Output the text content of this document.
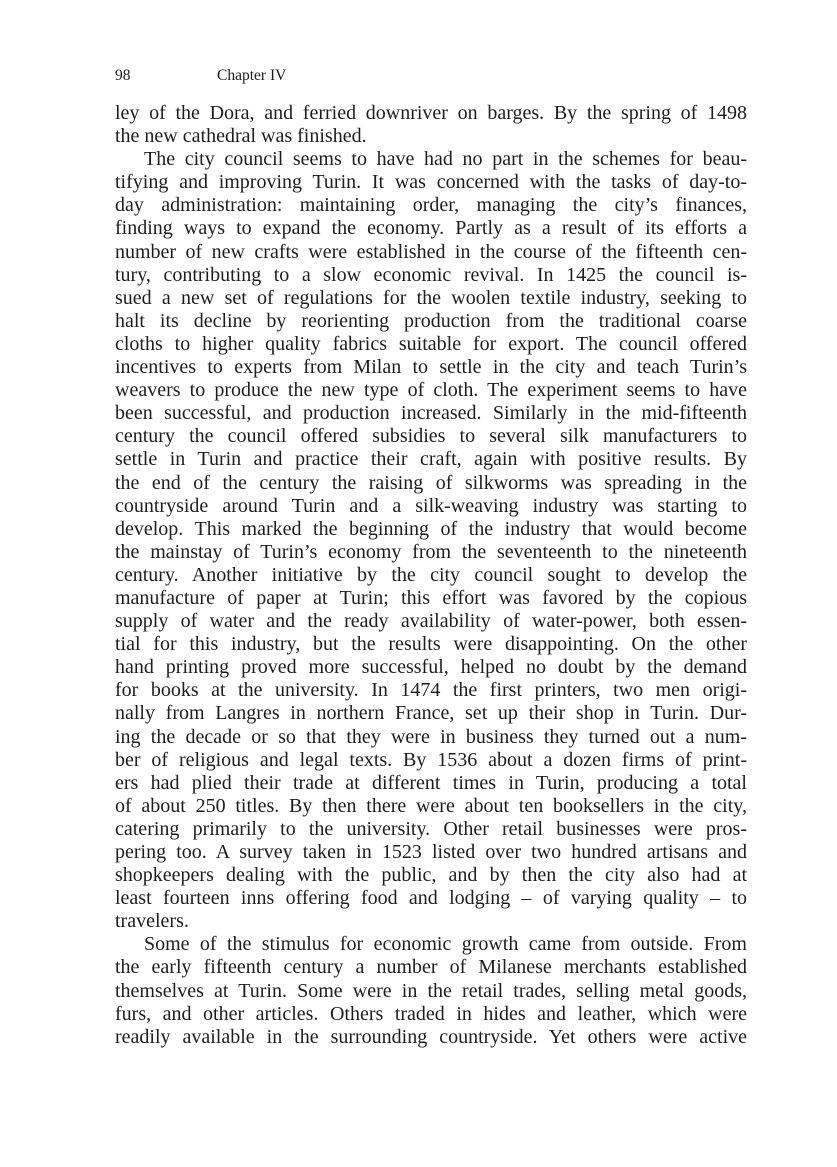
98	Chapter IV
ley of the Dora, and ferried downriver on barges. By the spring of 1498
the new cathedral was finished.
The city council seems to have had no part in the schemes for beau-
tifying and improving Turin. It was concerned with the tasks of day-to-
day administration: maintaining order, managing the city’s finances,
finding ways to expand the economy. Partly as a result of its efforts a
number of new crafts were established in the course of the fifteenth cen-
tury, contributing to a slow economic revival. In 1425 the council is-
sued a new set of regulations for the woolen textile industry, seeking to
halt its decline by reorienting production from the traditional coarse
cloths to higher quality fabrics suitable for export. The council offered
incentives to experts from Milan to settle in the city and teach Turin’s
weavers to produce the new type of cloth. The experiment seems to have
been successful, and production increased. Similarly in the mid-fifteenth
century the council offered subsidies to several silk manufacturers to
settle in Turin and practice their craft, again with positive results. By
the end of the century the raising of silkworms was spreading in the
countryside around Turin and a silk-weaving industry was starting to
develop. This marked the beginning of the industry that would become
the mainstay of Turin’s economy from the seventeenth to the nineteenth
century. Another initiative by the city council sought to develop the
manufacture of paper at Turin; this effort was favored by the copious
supply of water and the ready availability of water-power, both essen-
tial for this industry, but the results were disappointing. On the other
hand printing proved more successful, helped no doubt by the demand
for books at the university. In 1474 the first printers, two men origi-
nally from Langres in northern France, set up their shop in Turin. Dur-
ing the decade or so that they were in business they turned out a num-
ber of religious and legal texts. By 1536 about a dozen firms of print-
ers had plied their trade at different times in Turin, producing a total
of about 250 titles. By then there were about ten booksellers in the city,
catering primarily to the university. Other retail businesses were pros-
pering too. A survey taken in 1523 listed over two hundred artisans and
shopkeepers dealing with the public, and by then the city also had at
least fourteen inns offering food and lodging – of varying quality – to
travelers.
Some of the stimulus for economic growth came from outside. From
the early fifteenth century a number of Milanese merchants established
themselves at Turin. Some were in the retail trades, selling metal goods,
furs, and other articles. Others traded in hides and leather, which were
readily available in the surrounding countryside. Yet others were active
